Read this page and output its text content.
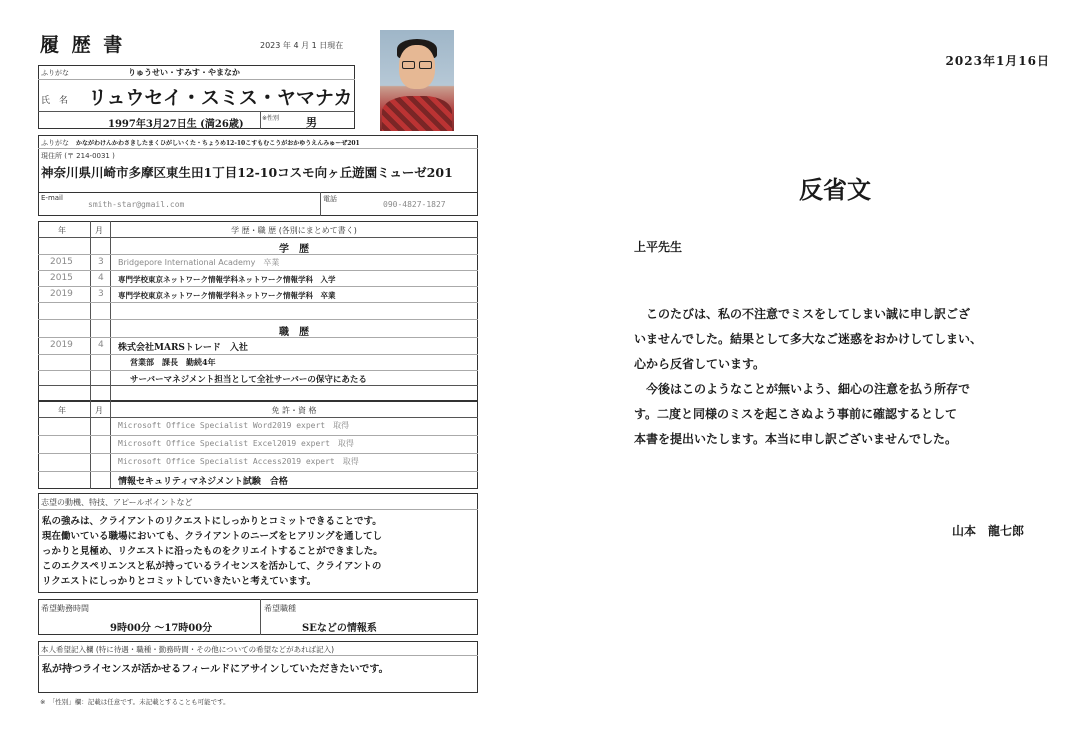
履 歴 書	2023 年 4 月 1 日現在
ふりがな	りゅうせい・すみす・やまなか
氏　名 リュウセイ・スミス・ヤマナカ
1997年3月27日生 (満26歳)
※性別 男
ふりがな かながわけんかわさきしたまくひがしいくた・ちょうめ12-10こすもむこうがおかゆうえんみゅーぜ201
現住所 (〒 214-0031 )
神奈川県川崎市多摩区東生田1丁目12-10コスモ向ヶ丘遊園ミューゼ201
E-mail
smith-star@gmail.com
電話
090-4827-1827
年	月	学 歴・職 歴 (各別にまとめて書く)
学　歴
2015	3 Bridgepore International Academy　卒業
2015	4 専門学校東京ネットワーク情報学科ネットワーク情報学科　入学
2019	3 専門学校東京ネットワーク情報学科ネットワーク情報学科　卒業
職　歴
2019	4 株式会社MARSトレード　入社
営業部　課長　勤続4年
サーバーマネジメント担当として全社サーバーの保守にあたる
年	月	免 許・資 格
Microsoft Office Specialist Word2019 expert　取得
Microsoft Office Specialist Excel2019 expert　取得
Microsoft Office Specialist Access2019 expert　取得
情報セキュリティマネジメント試験　合格
志望の動機、特技、アピールポイントなど
私の強みは、クライアントのリクエストにしっかりとコミットできることです。
現在働いている職場においても、クライアントのニーズをヒアリングを通してし
っかりと見極め、リクエストに沿ったものをクリエイトすることができました。
このエクスペリエンスと私が持っているライセンスを活かして、クライアントの
リクエストにしっかりとコミットしていきたいと考えています。
希望勤務時間
9時00分 ～17時00分
希望職種
SEなどの情報系
本人希望記入欄 (特に待遇・職種・勤務時間・その他についての希望などがあれば記入)
私が持つライセンスが活かせるフィールドにアサインしていただきたいです。
※　「性別」欄：記載は任意です。未記載とすることも可能です。
2023年1月16日
反省文
上平先生
　このたびは、私の不注意でミスをしてしまい誠に申し訳ござ
いませんでした。結果として多大なご迷惑をおかけしてしまい、
心から反省しています。
　今後はこのようなことが無いよう、細心の注意を払う所存で
す。二度と同様のミスを起こさぬよう事前に確認するとして
本書を提出いたします。本当に申し訳ございませんでした。
山本　龍七郎
